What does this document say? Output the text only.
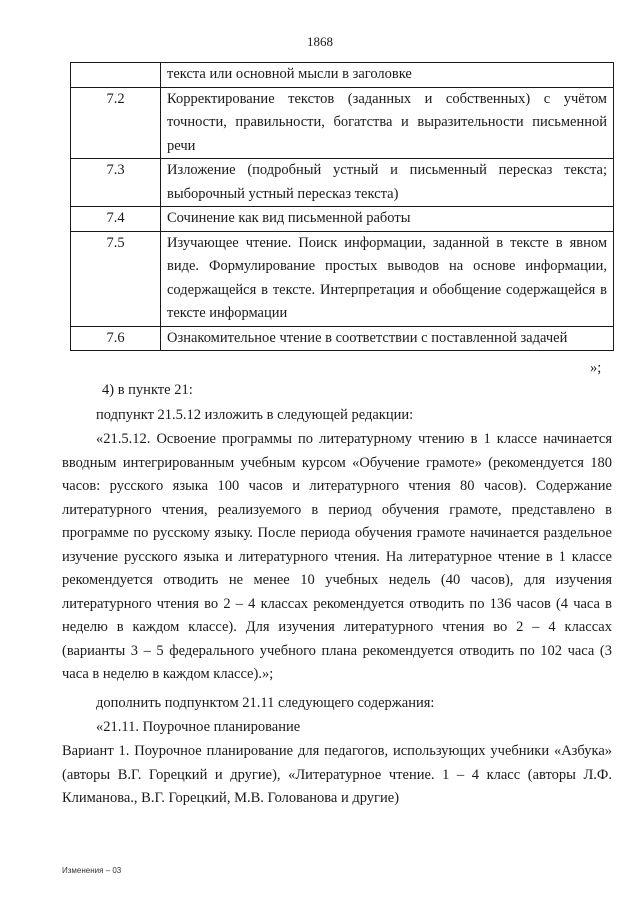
1868
	текста или основной мысли в заголовке
7.2	Корректирование текстов (заданных и собственных) с учётом точности, правильности, богатства и выразительности письменной речи
7.3	Изложение (подробный устный и письменный пересказ текста; выборочный устный пересказ текста)
7.4	Сочинение как вид письменной работы
7.5	Изучающее чтение. Поиск информации, заданной в тексте в явном виде. Формулирование простых выводов на основе информации, содержащейся в тексте. Интерпретация и обобщение содержащейся в тексте информации
7.6	Ознакомительное чтение в соответствии с поставленной задачей
»;
4) в пункте 21:
подпункт 21.5.12 изложить в следующей редакции:
«21.5.12. Освоение программы по литературному чтению в 1 классе начинается вводным интегрированным учебным курсом «Обучение грамоте» (рекомендуется 180 часов: русского языка 100 часов и литературного чтения 80 часов). Содержание литературного чтения, реализуемого в период обучения грамоте, представлено в программе по русскому языку. После периода обучения грамоте начинается раздельное изучение русского языка и литературного чтения. На литературное чтение в 1 классе рекомендуется отводить не менее 10 учебных недель (40 часов), для изучения литературного чтения во 2 – 4 классах рекомендуется отводить по 136 часов (4 часа в неделю в каждом классе). Для изучения литературного чтения во 2 – 4 классах (варианты 3 – 5 федерального учебного плана рекомендуется отводить по 102 часа (3 часа в неделю в каждом классе).»;
дополнить подпунктом 21.11 следующего содержания:
«21.11. Поурочное планирование
Вариант 1. Поурочное планирование для педагогов, использующих учебники «Азбука» (авторы В.Г. Горецкий и другие), «Литературное чтение. 1 – 4 класс (авторы Л.Ф. Климанова., В.Г. Горецкий, М.В. Голованова и другие)
Изменения – 03
